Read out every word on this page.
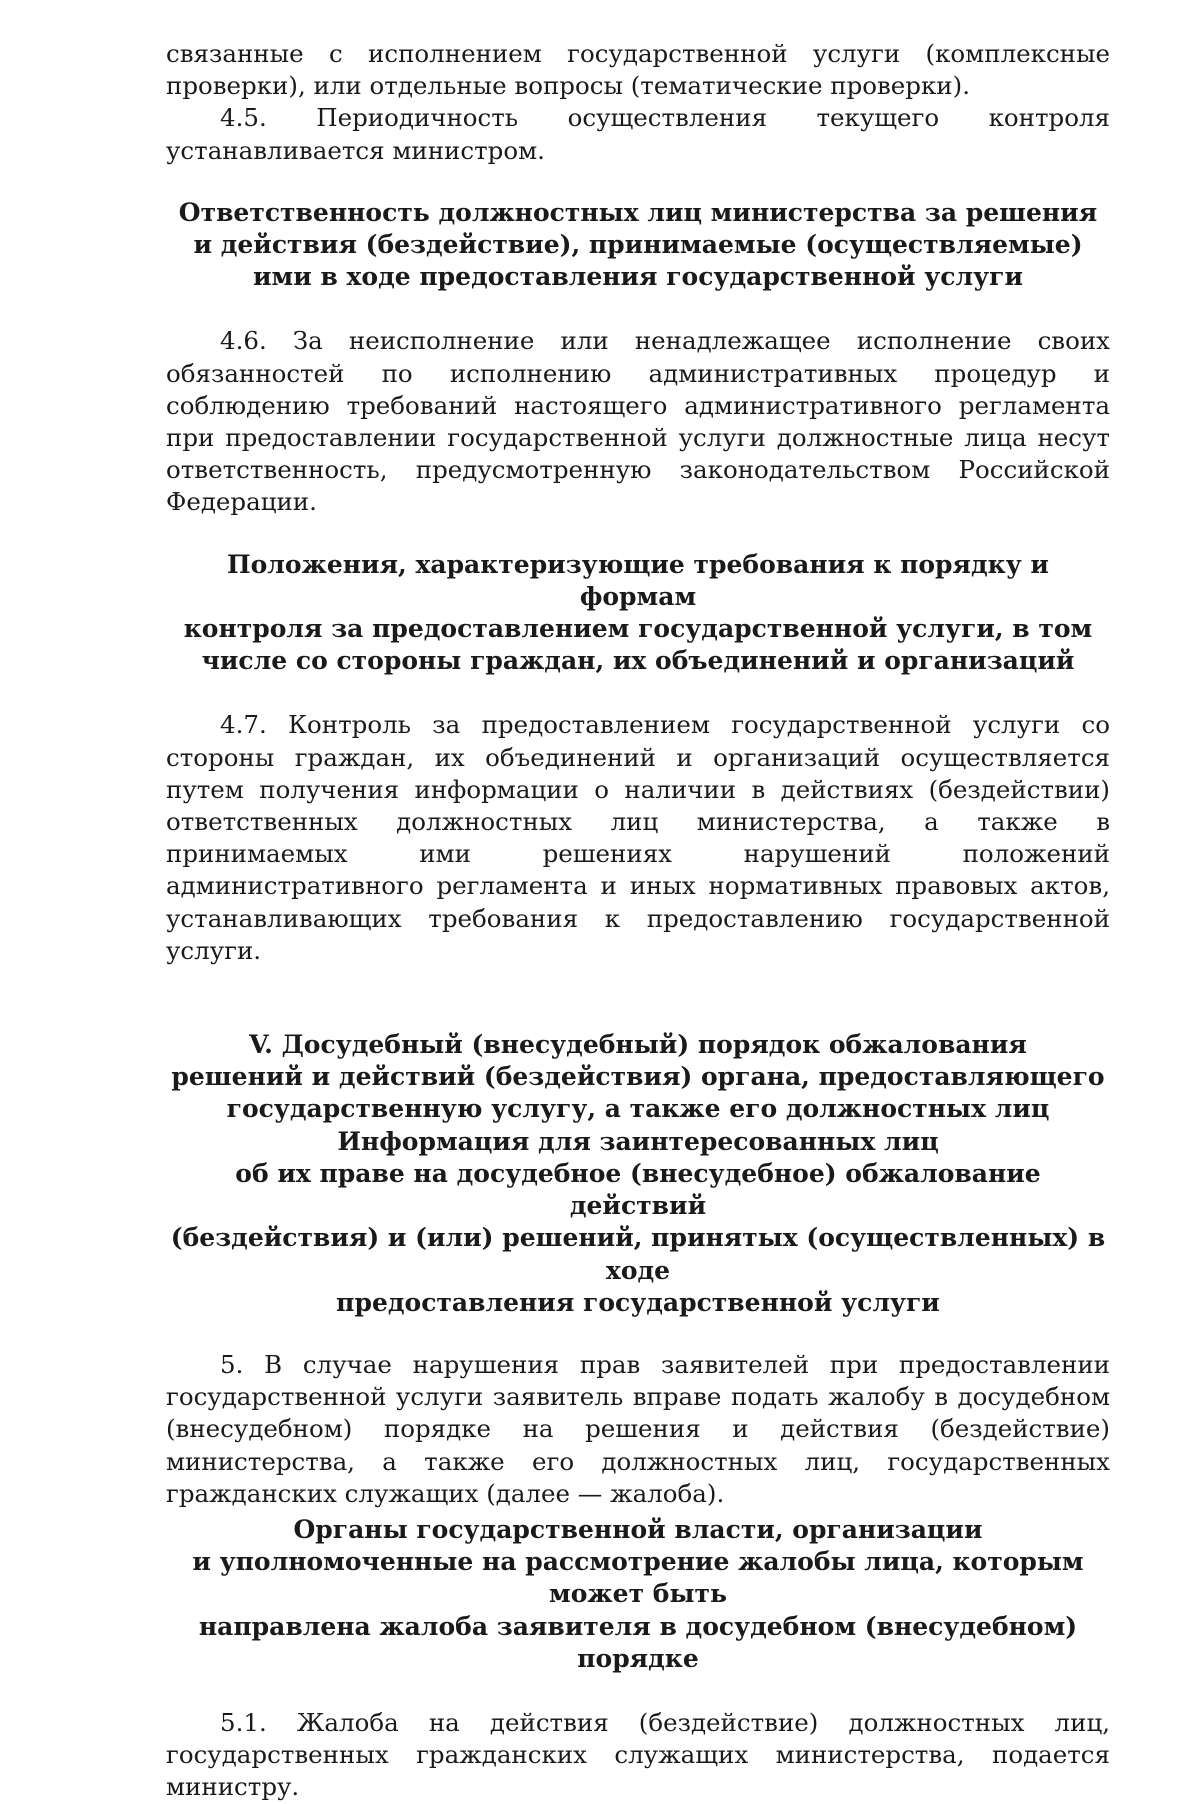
связанные с исполнением государственной услуги (комплексные проверки), или отдельные вопросы (тематические проверки).

4.5. Периодичность осуществления текущего контроля устанавливается министром.

Ответственность должностных лиц министерства за решения
и действия (бездействие), принимаемые (осуществляемые)
ими в ходе предоставления государственной услуги

4.6. За неисполнение или ненадлежащее исполнение своих обязанностей по исполнению административных процедур и соблюдению требований настоящего административного регламента при предоставлении государственной услуги должностные лица несут ответственность, предусмотренную законодательством Российской Федерации.

Положения, характеризующие требования к порядку и формам
контроля за предоставлением государственной услуги, в том
числе со стороны граждан, их объединений и организаций

4.7. Контроль за предоставлением государственной услуги со стороны граждан, их объединений и организаций осуществляется путем получения информации о наличии в действиях (бездействии) ответственных должностных лиц министерства, а также в принимаемых ими решениях нарушений положений административного регламента и иных нормативных правовых актов, устанавливающих требования к предоставлению государственной услуги.

V. Досудебный (внесудебный) порядок обжалования
решений и действий (бездействия) органа, предоставляющего
государственную услугу, а также его должностных лиц
Информация для заинтересованных лиц
об их праве на досудебное (внесудебное) обжалование действий
(бездействия) и (или) решений, принятых (осуществленных) в ходе
предоставления государственной услуги

5. В случае нарушения прав заявителей при предоставлении государственной услуги заявитель вправе подать жалобу в досудебном (внесудебном) порядке на решения и действия (бездействие) министерства, а также его должностных лиц, государственных гражданских служащих (далее — жалоба).

Органы государственной власти, организации
и уполномоченные на рассмотрение жалобы лица, которым может быть
направлена жалоба заявителя в досудебном (внесудебном) порядке

5.1. Жалоба на действия (бездействие) должностных лиц, государственных гражданских служащих министерства, подается министру.
